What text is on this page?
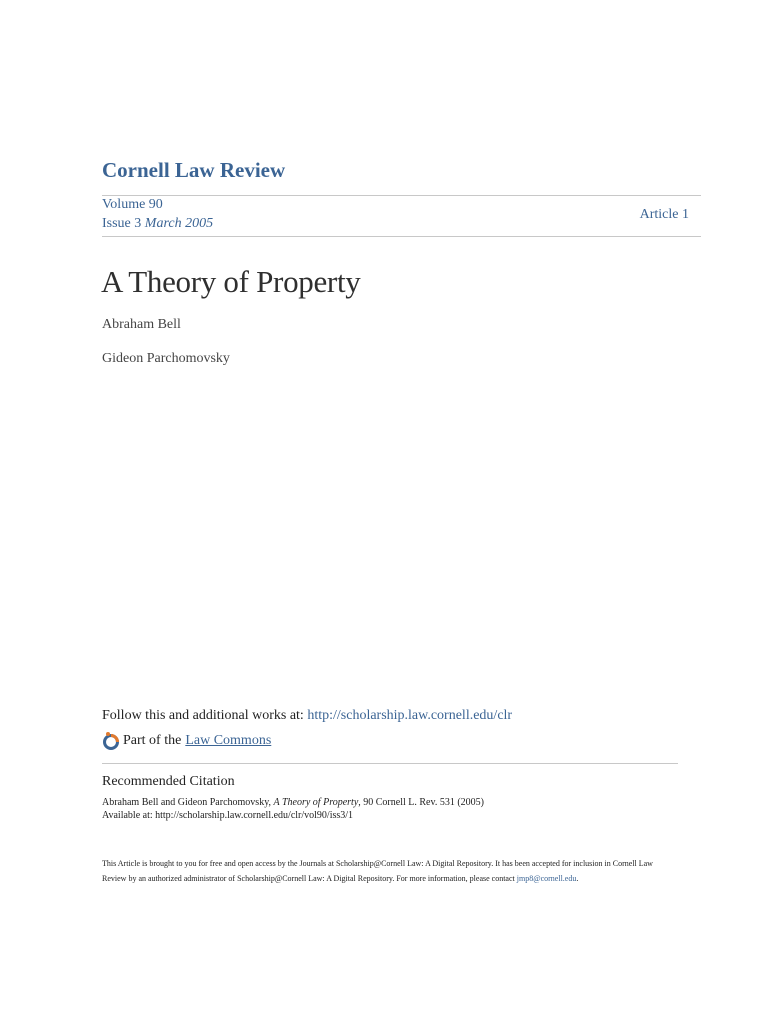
Cornell Law Review
Volume 90
Issue 3 March 2005
Article 1
A Theory of Property
Abraham Bell
Gideon Parchomovsky
Follow this and additional works at: http://scholarship.law.cornell.edu/clr
Part of the Law Commons
Recommended Citation
Abraham Bell and Gideon Parchomovsky, A Theory of Property, 90 Cornell L. Rev. 531 (2005)
Available at: http://scholarship.law.cornell.edu/clr/vol90/iss3/1
This Article is brought to you for free and open access by the Journals at Scholarship@Cornell Law: A Digital Repository. It has been accepted for inclusion in Cornell Law Review by an authorized administrator of Scholarship@Cornell Law: A Digital Repository. For more information, please contact jmp8@cornell.edu.
